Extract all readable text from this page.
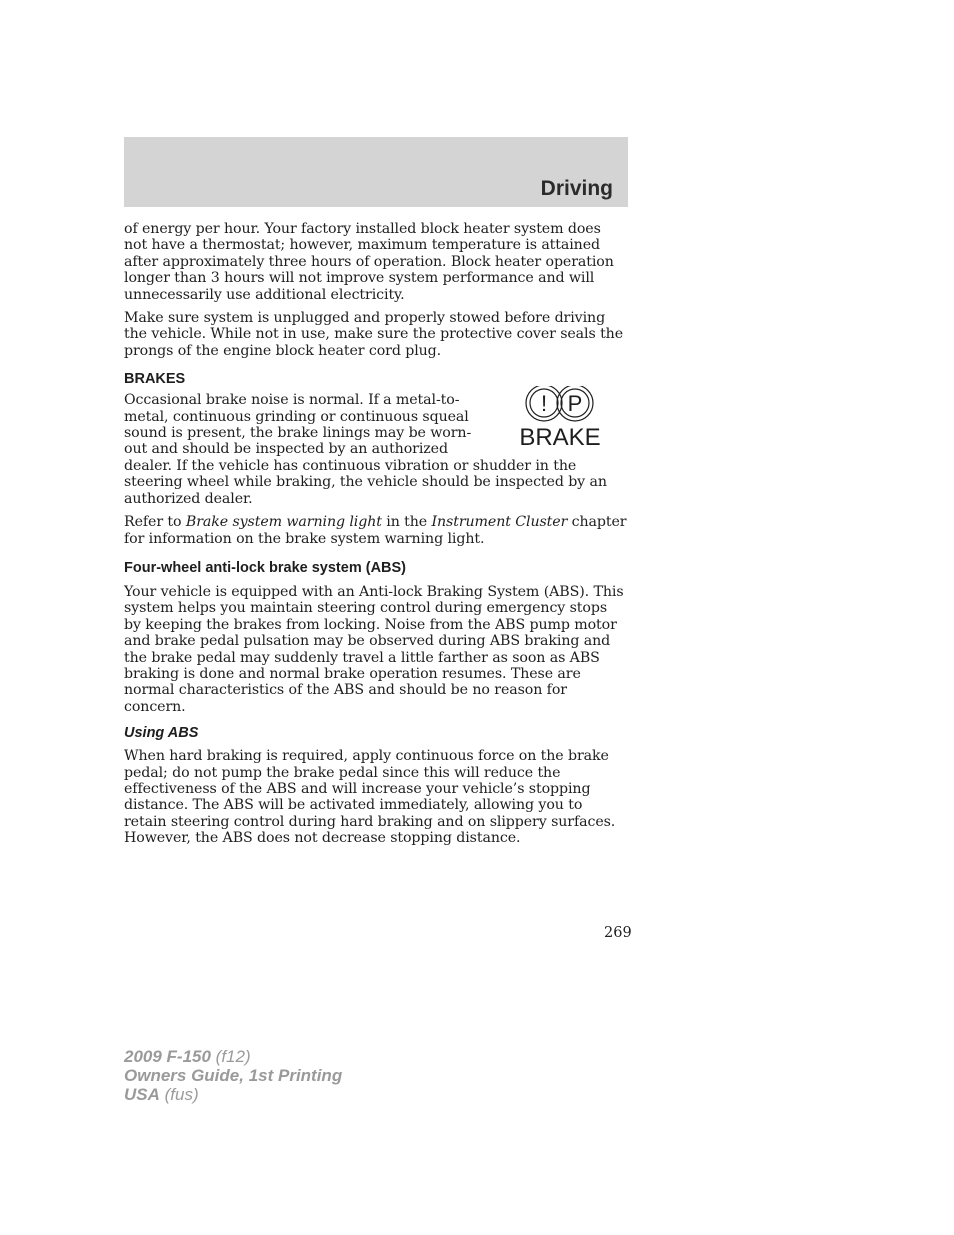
Driving

of energy per hour. Your factory installed block heater system does not have a thermostat; however, maximum temperature is attained after approximately three hours of operation. Block heater operation longer than 3 hours will not improve system performance and will unnecessarily use additional electricity.

Make sure system is unplugged and properly stowed before driving the vehicle. While not in use, make sure the protective cover seals the prongs of the engine block heater cord plug.

BRAKES
! P
BRAKE

Occasional brake noise is normal. If a metal-to-metal, continuous grinding or continuous squeal sound is present, the brake linings may be worn-out and should be inspected by an authorized dealer. If the vehicle has continuous vibration or shudder in the steering wheel while braking, the vehicle should be inspected by an authorized dealer.

Refer to Brake system warning light in the Instrument Cluster chapter for information on the brake system warning light.

Four-wheel anti-lock brake system (ABS)

Your vehicle is equipped with an Anti-lock Braking System (ABS). This system helps you maintain steering control during emergency stops by keeping the brakes from locking. Noise from the ABS pump motor and brake pedal pulsation may be observed during ABS braking and the brake pedal may suddenly travel a little farther as soon as ABS braking is done and normal brake operation resumes. These are normal characteristics of the ABS and should be no reason for concern.

Using ABS

When hard braking is required, apply continuous force on the brake pedal; do not pump the brake pedal since this will reduce the effectiveness of the ABS and will increase your vehicle’s stopping distance. The ABS will be activated immediately, allowing you to retain steering control during hard braking and on slippery surfaces. However, the ABS does not decrease stopping distance.

269
2009 F-150 (f12)
Owners Guide, 1st Printing
USA (fus)
